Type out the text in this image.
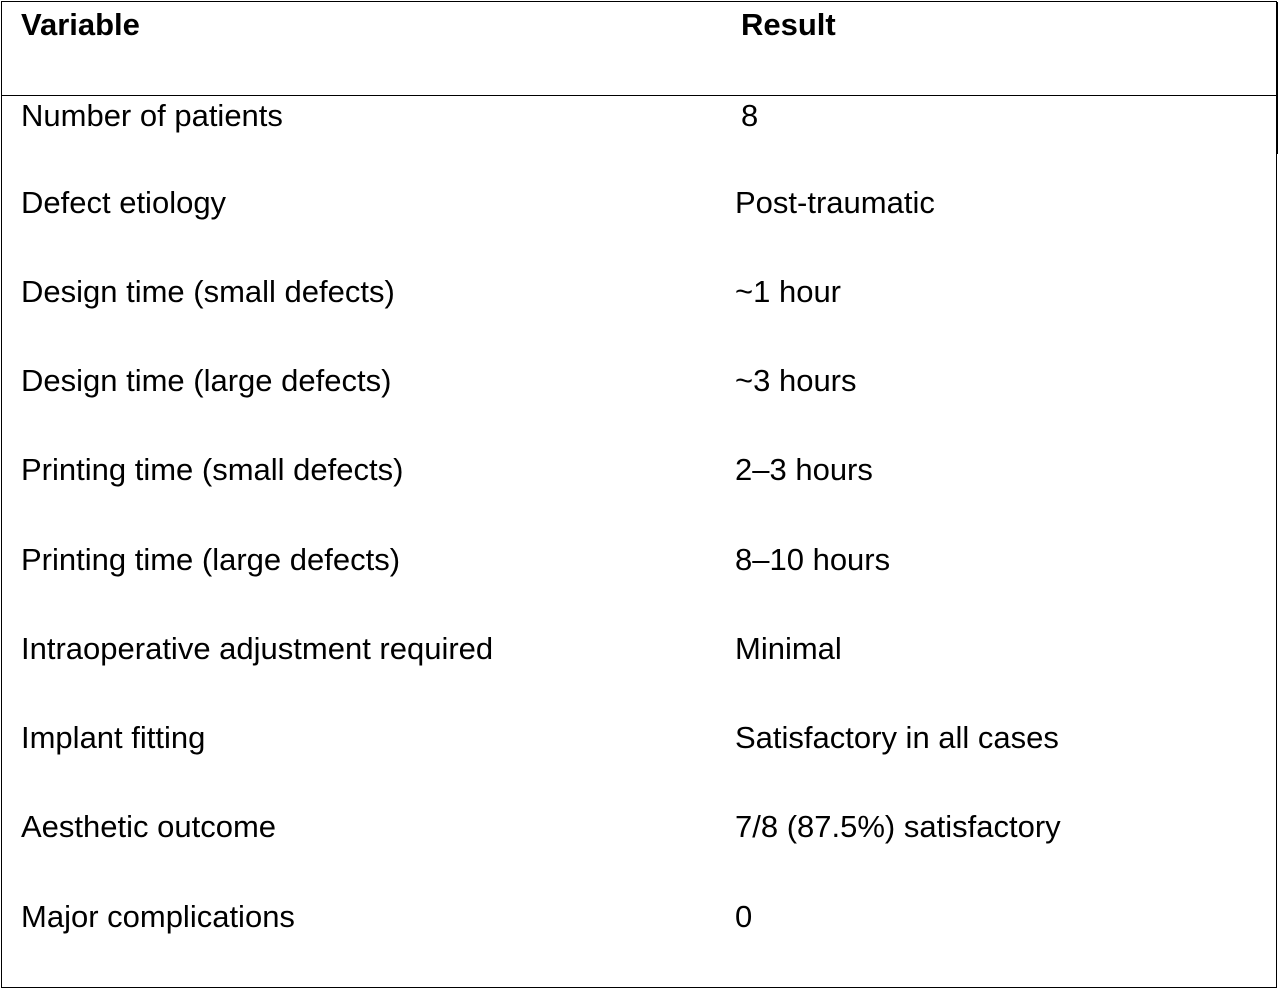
Variable	Result
Number of patients	8
Defect etiology	Post-traumatic
Design time (small defects)	~1 hour
Design time (large defects)	~3 hours
Printing time (small defects)	2–3 hours
Printing time (large defects)	8–10 hours
Intraoperative adjustment required	Minimal
Implant fitting	Satisfactory in all cases
Aesthetic outcome	7/8 (87.5%) satisfactory
Major complications	0
